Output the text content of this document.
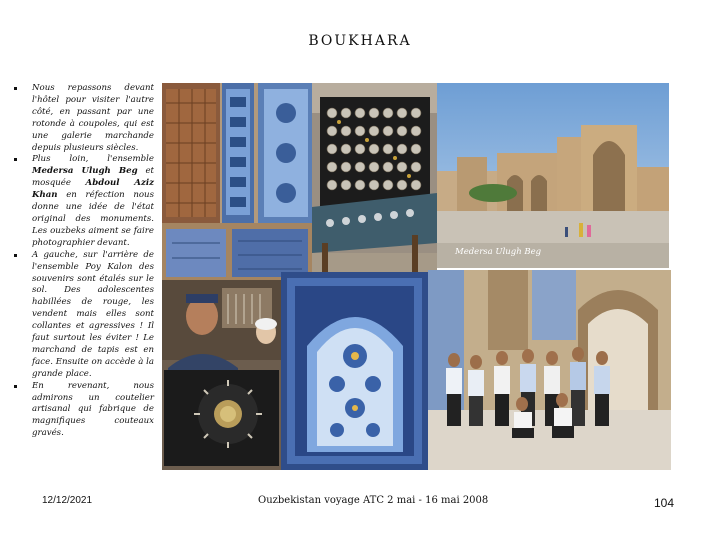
BOUKHARA
Nous repassons devant l'hôtel pour visiter l'autre côté, en passant par une rotonde à coupoles, qui est une galerie marchande depuis plusieurs siècles.
Plus loin, l'ensemble Medersa Ulugh Beg et mosquée Abdoul Aziz Khan en réfection nous donne une idée de l'état original des monuments. Les ouzbeks aiment se faire photographier devant.
A gauche, sur l'arrière de l'ensemble Poy Kalon des souvenirs sont étalés sur le sol. Des adolescentes habillées de rouge, les vendent mais elles sont collantes et agressives ! Il faut surtout les éviter ! Le marchand de tapis est en face. Ensuite on accède à la grande place.
En revenant, nous admirons un coutelier artisanal qui fabrique de magnifiques couteaux gravés.
Medersa Ulugh Beg
12/12/2021	Ouzbekistan voyage ATC 2 mai - 16 mai 2008	104
